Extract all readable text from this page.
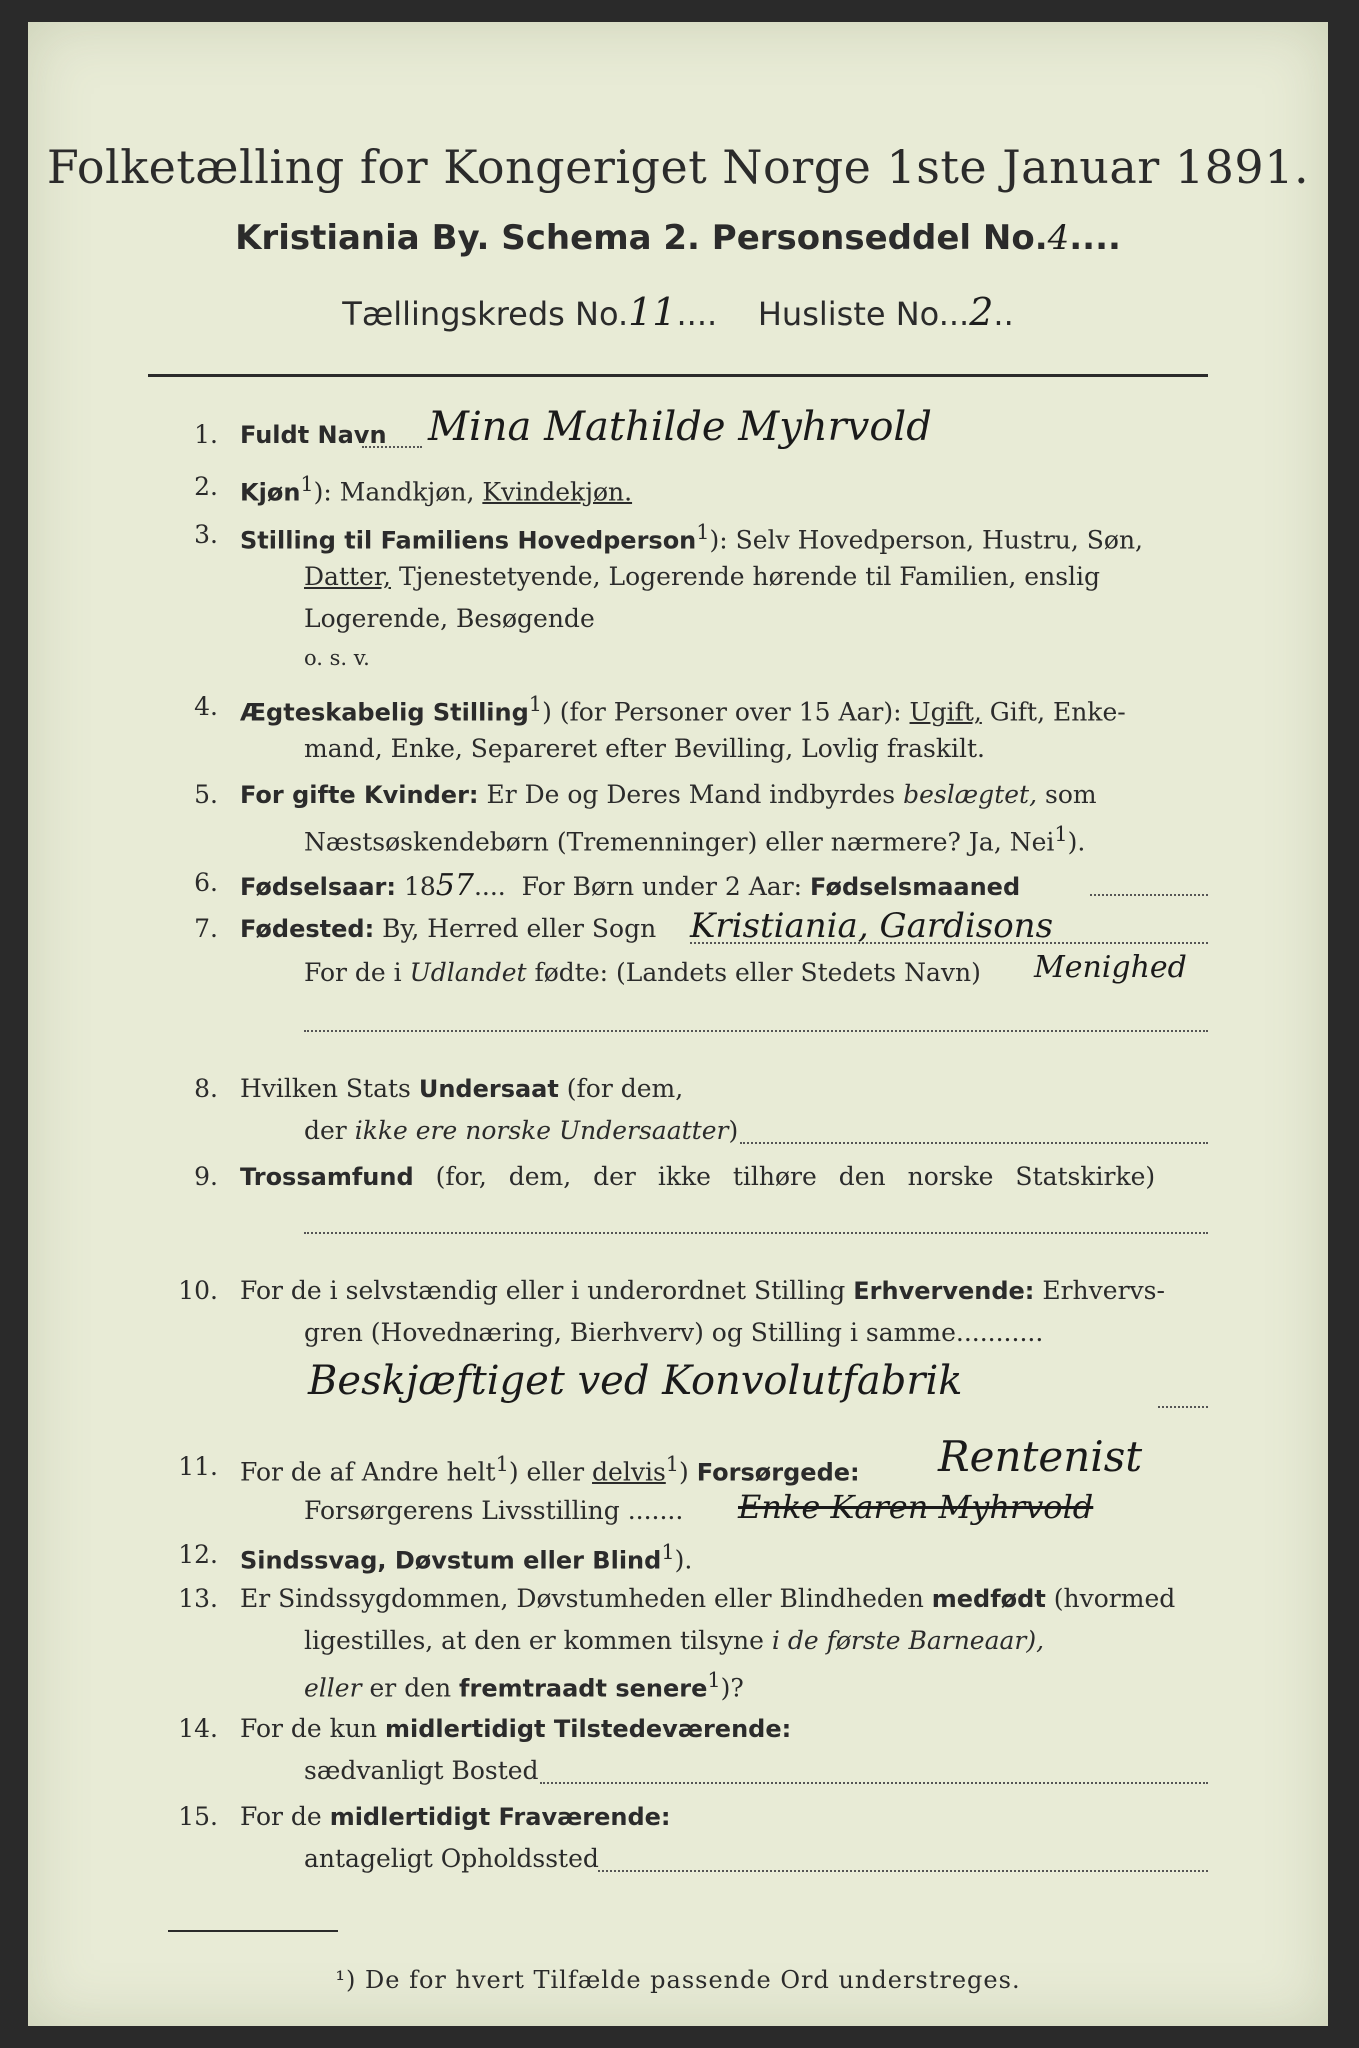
Folketælling for Kongeriget Norge 1ste Januar 1891.
Kristiania By. Schema 2. Personseddel No.4....
Tællingskreds No.11....    Husliste No...2..
1. Fuldt Navn Mina Mathilde Myhrvold
2. Kjøn$^1$): Mandkjøn, Kvindekjøn.
3. Stilling til Familiens Hovedperson$^1$): Selv Hovedperson, Hustru, Søn,
Datter, Tjenestetyende, Logerende hørende til Familien, enslig
Logerende, Besøgende
o. s. v.
4. Ægteskabelig Stilling$^1$) (for Personer over 15 Aar): Ugift, Gift, Enke-
mand, Enke, Separeret efter Bevilling, Lovlig fraskilt.
5. For gifte Kvinder: Er De og Deres Mand indbyrdes beslægtet, som
Næstsøskendebørn (Tremenninger) eller nærmere? Ja, Nei$^1$).
6. Fødselsaar: 1857....  For Børn under 2 Aar: Fødselsmaaned
7. Fødested: By, Herred eller Sogn Kristiania, Gardisons
For de i Udlandet fødte: (Landets eller Stedets Navn) Menighed
8. Hvilken Stats Undersaat (for dem,
der ikke ere norske Undersaatter)
9. Trossamfund (for, dem, der ikke tilhøre den norske Statskirke)
10. For de i selvstændig eller i underordnet Stilling Erhvervende: Erhvervs-
gren (Hovednæring, Bierhverv) og Stilling i samme...........
Beskjæftiget ved Konvolutfabrik
11. For de af Andre helt$^1$) eller delvis$^1$) Forsørgede: Rentenist
Forsørgerens Livsstilling ....... Enke Karen Myhrvold
12. Sindssvag, Døvstum eller Blind$^1$).
13. Er Sindssygdommen, Døvstumheden eller Blindheden medfødt (hvormed
ligestilles, at den er kommen tilsyne i de første Barneaar),
eller er den fremtraadt senere$^1$)?
14. For de kun midlertidigt Tilstedeværende:
sædvanligt Bosted
15. For de midlertidigt Fraværende:
antageligt Opholdssted
¹) De for hvert Tilfælde passende Ord understreges.
